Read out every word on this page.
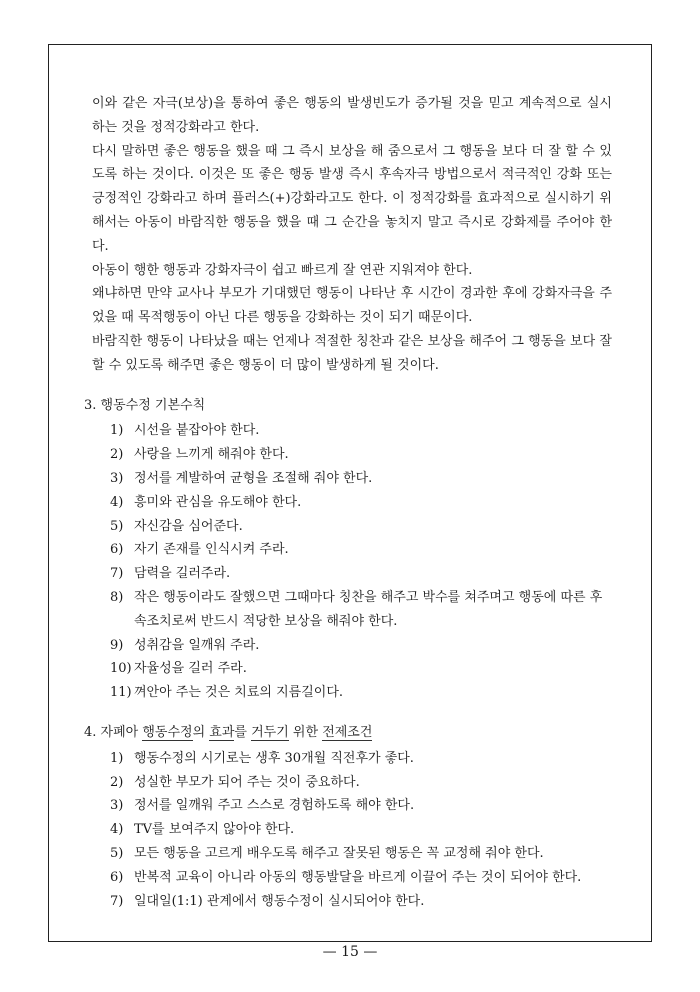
이와 같은 자극(보상)을 통하여 좋은 행동의 발생빈도가 증가될 것을 믿고 계속적으로 실시하는 것을 정적강화라고 한다.

다시 말하면 좋은 행동을 했을 때 그 즉시 보상을 해 줌으로서 그 행동을 보다 더 잘 할 수 있도록 하는 것이다. 이것은 또 좋은 행동 발생 즉시 후속자극 방법으로서 적극적인 강화 또는 긍정적인 강화라고 하며 플러스(+)강화라고도 한다. 이 정적강화를 효과적으로 실시하기 위해서는 아동이 바람직한 행동을 했을 때 그 순간을 놓치지 말고 즉시로 강화제를 주어야 한다.

아동이 행한 행동과 강화자극이 쉽고 빠르게 잘 연관 지워져야 한다.

왜냐하면 만약 교사나 부모가 기대했던 행동이 나타난 후 시간이 경과한 후에 강화자극을 주었을 때 목적행동이 아닌 다른 행동을 강화하는 것이 되기 때문이다.

바람직한 행동이 나타났을 때는 언제나 적절한 칭찬과 같은 보상을 해주어 그 행동을 보다 잘 할 수 있도록 해주면 좋은 행동이 더 많이 발생하게 될 것이다.

3. 행동수정 기본수칙

1) 시선을 붙잡아야 한다.
2) 사랑을 느끼게 해줘야 한다.
3) 정서를 계발하여 균형을 조절해 줘야 한다.
4) 흥미와 관심을 유도해야 한다.
5) 자신감을 심어준다.
6) 자기 존재를 인식시켜 주라.
7) 담력을 길러주라.
8) 작은 행동이라도 잘했으면 그때마다 칭찬을 해주고 박수를 쳐주며고 행동에 따른 후속조치로써 반드시 적당한 보상을 해줘야 한다.
9) 성취감을 일깨워 주라.
10) 자율성을 길러 주라.
11) 껴안아 주는 것은 치료의 지름길이다.

4. 자폐아 행동수정의 효과를 거두기 위한 전제조건

1) 행동수정의 시기로는 생후 30개월 직전후가 좋다.
2) 성실한 부모가 되어 주는 것이 중요하다.
3) 정서를 일깨워 주고 스스로 경험하도록 해야 한다.
4) TV를 보여주지 않아야 한다.
5) 모든 행동을 고르게 배우도록 해주고 잘못된 행동은 꼭 교정해 줘야 한다.
6) 반복적 교육이 아니라 아동의 행동발달을 바르게 이끌어 주는 것이 되어야 한다.
7) 일대일(1:1) 관계에서 행동수정이 실시되어야 한다.
— 15 —
